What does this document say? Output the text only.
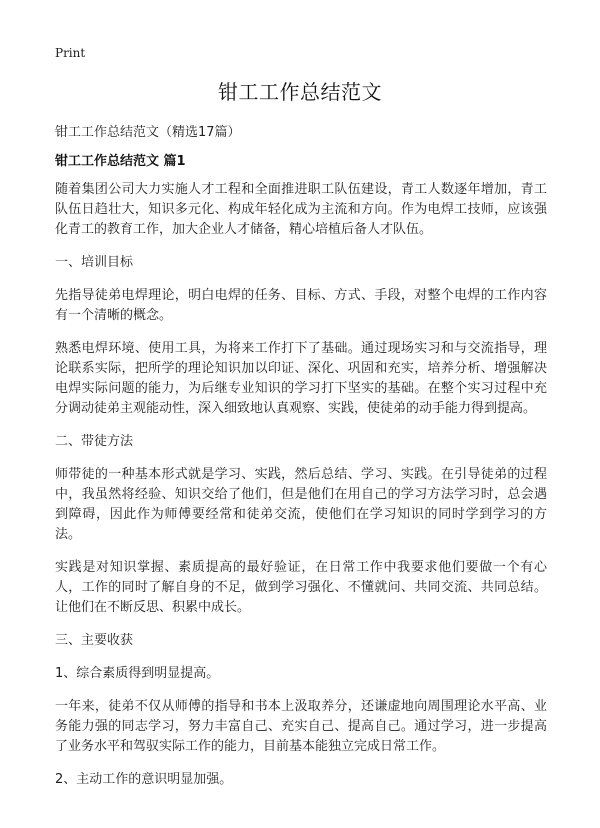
Print
钳工工作总结范文

钳工工作总结范文（精选17篇）

钳工工作总结范文 篇1

随着集团公司大力实施人才工程和全面推进职工队伍建设，青工人数逐年增加，青工队伍日趋壮大，知识多元化、构成年轻化成为主流和方向。作为电焊工技师，应该强化青工的教育工作，加大企业人才储备，精心培植后备人才队伍。

一、培训目标

先指导徒弟电焊理论，明白电焊的任务、目标、方式、手段，对整个电焊的工作内容有一个清晰的概念。

熟悉电焊环境、使用工具，为将来工作打下了基础。通过现场实习和与交流指导，理论联系实际，把所学的理论知识加以印证、深化、巩固和充实，培养分析、增强解决电焊实际问题的能力，为后继专业知识的学习打下坚实的基础。在整个实习过程中充分调动徒弟主观能动性，深入细致地认真观察、实践，使徒弟的动手能力得到提高。

二、带徒方法

师带徒的一种基本形式就是学习、实践，然后总结、学习、实践。在引导徒弟的过程中，我虽然将经验、知识交给了他们，但是他们在用自己的学习方法学习时，总会遇到障碍，因此作为师傅要经常和徒弟交流，使他们在学习知识的同时学到学习的方法。

实践是对知识掌握、素质提高的最好验证，在日常工作中我要求他们要做一个有心人，工作的同时了解自身的不足，做到学习强化、不懂就问、共同交流、共同总结。让他们在不断反思、积累中成长。

三、主要收获

1、综合素质得到明显提高。

一年来，徒弟不仅从师傅的指导和书本上汲取养分，还谦虚地向周围理论水平高、业务能力强的同志学习，努力丰富自己、充实自己、提高自己。通过学习，进一步提高了业务水平和驾驭实际工作的能力，目前基本能独立完成日常工作。

2、主动工作的意识明显加强。
